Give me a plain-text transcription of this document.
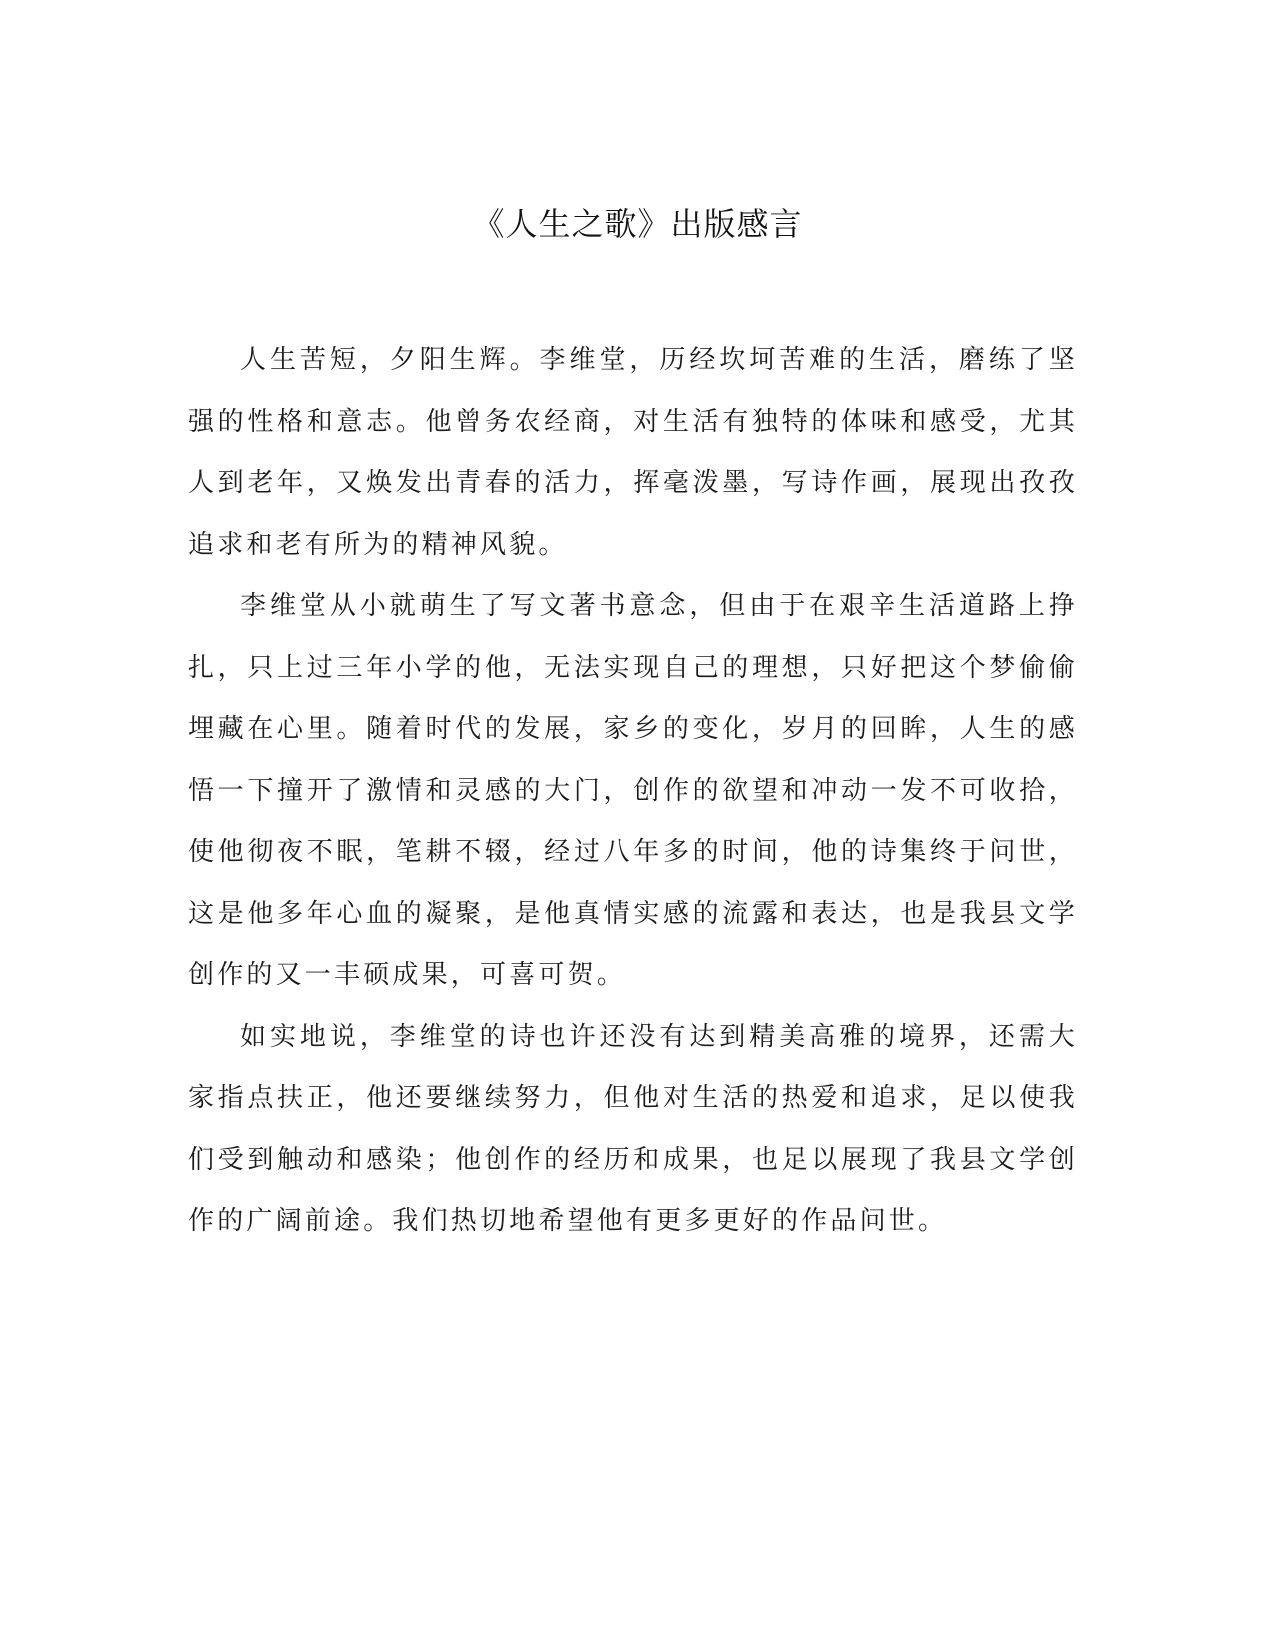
《人生之歌》出版感言

人生苦短，夕阳生辉。李维堂，历经坎坷苦难的生活，磨练了坚强的性格和意志。他曾务农经商，对生活有独特的体味和感受，尤其人到老年，又焕发出青春的活力，挥毫泼墨，写诗作画，展现出孜孜追求和老有所为的精神风貌。

李维堂从小就萌生了写文著书意念，但由于在艰辛生活道路上挣扎，只上过三年小学的他，无法实现自己的理想，只好把这个梦偷偷埋藏在心里。随着时代的发展，家乡的变化，岁月的回眸，人生的感悟一下撞开了激情和灵感的大门，创作的欲望和冲动一发不可收拾，使他彻夜不眠，笔耕不辍，经过八年多的时间，他的诗集终于问世，这是他多年心血的凝聚，是他真情实感的流露和表达，也是我县文学创作的又一丰硕成果，可喜可贺。

如实地说，李维堂的诗也许还没有达到精美高雅的境界，还需大家指点扶正，他还要继续努力，但他对生活的热爱和追求，足以使我们受到触动和感染；他创作的经历和成果，也足以展现了我县文学创作的广阔前途。我们热切地希望他有更多更好的作品问世。
